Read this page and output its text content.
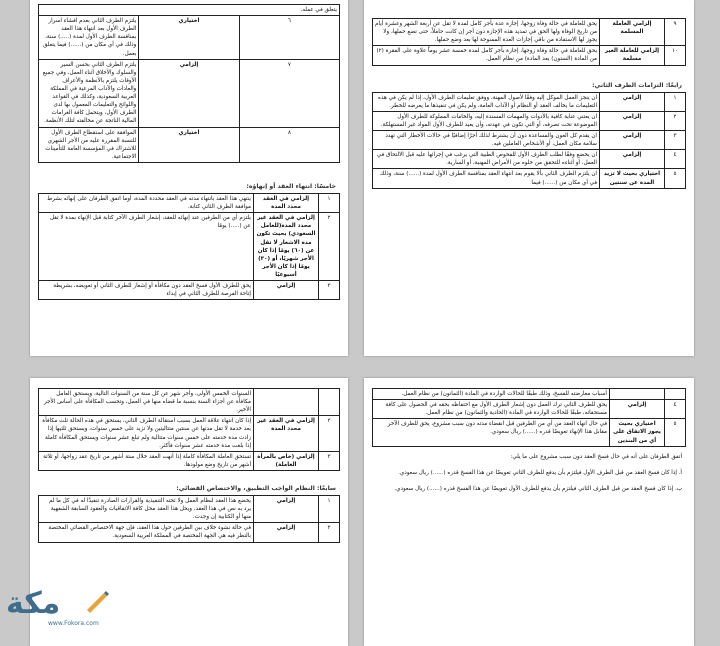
يتعلق في عمله.		
٦	اختياري	يلتزم الطرف الثاني بعدم افشاء اسرار الطرف الأول بعد انتهاء هذا العقد بمنافسة الطرف الأول لمدة (.....) سنة، وذلك في أي مكان من (......) فيما يتعلق بعمل.
٧	إلزامي	يلتزم الطرف الثاني بحسن السير والسلوك والأخلاق أثناء العمل، وفي جميع الأوقات يلتزم بالأنظمة والأعراف والعادات والآداب المرعية في المملكة العربية السعودية، وكذلك في القواعد واللوائح والتعليمات المعمول بها لدى الطرف الأول، ويتحمل كافة الغرامات المالية الناتجة عن مخالفته لتلك الأنظمة.
٨	اختياري	الموافقة على استقطاع الطرف الأول للنسبة المقررة عليه من الأجر الشهري للاشتراك في المؤسسة العامة للتأمينات الاجتماعية.
خامسًا: انتهاء العقد أو إنهاؤه:
١	إلزامي في العقد محدد المدة	ينتهي هذا العقد بانتهاء مدته في العقد محددة المدة، أوما اتفق الطرفان على إنهائه بشرط موافقة الطرف الثاني كتابة.
٢	إلزامي في العقد غير محدد المدة(للعامل السعودي) بحيث تكون مدة الاشعار لا تقل عن (٦٠) يومًا إذا كان الأجر شهريًا، أو (٣٠) يومًا إذا كان الأجر أسبوعيًا	يلتزم أي من الطرفين عند إنهائه للعقد، إشعار الطرف الآخر كتابة قبل الإنهاء بمدة لا تقل عن (.....) يومًا
٣	إلزامي	يحق للطرف الأول فسخ العقد دون مكافأة أو إشعار للطرف الثاني أو تعويضه، بشريطة إتاحة الفرصة للطرف الثاني في إبداء
٩	إلزامي العاملة المسلمة	يحق للعاملة في حالة وفاة زوجها، إجازة عدة بأجر كامل لمدة لا تقل عن أربعة الشهر وعشرة أيام من تاريخ الوفاة ولها الحق في تمديد هذه الإجازة دون أجر إن كانت حاملاً، حتى تضع حملها، ولا يجوز لها الاستفادة من باقي إجازات العدة الممنوحة لها بعد وضع حملها.
١٠	إلزامي للعاملة الغير مسلمة	يحق للعاملة في حالة وفاة زوجها، إجازة بأجر كامل لمدة خمسة عشر يوماً علاوة على الفقرة (٢) من المادة (الستون) يعد المادة) من نظام العمل.
رابعًا: التزامات الطرف الثاني:
١	إلزامي	ان ينجز العمل الموكل إليه وفقًا لأصول المهنة، ووفق تعليمات الطرف الأول، إذا لم يكن في هذه التعليمات ما يخالف العقد أو النظام أو الآداب العامة، ولم يكن في تنفيذها ما يعرضه للخطر.
٢	إلزامي	ان يعتني عناية كافية بالأدوات والمهمات المسندة إليه، والخامات المملوكة للطرف الأول الموضوعة تحت تصرفه، أو التي تكون في عهدته، وأن يعيد للطرف الأول المواد غير المستهلكة.
٣	إلزامي	ان يقدم كل العون والمساعدة دون أن يشترط لذلك أجرًا إضافيًا في حالات الأخطار التي تهدد سلامة مكان العمل، أو الأشخاص العاملين فيه.
٤	إلزامي	ان يخضع وفقًا لطلب الطرف الأول للفحوص الطبية التي يرغب في إجرائها عليه قبل الالتحاق في العمل، أو أثناءه للتحقق من خلوه من الأمراض المهنية، أو السارية.
٥	اختياري بحيث لا تزيد المدة عن سنتين	ان يلتزم الطرف الثاني بألا يقوم بعد انتهاء العقد بمنافسة الطرف الأول لمدة (......) سنة، وذلك في أي مكان من (......) فيما
		السنوات الخمس الأولى، وأجر شهر عن كل سنة من السنوات التالية، ويستحق العامل مكافأة عن أجزاء السنة بنسبة ما قضاه منها في العمل، وتحسب المكافأة على أساس الأجر الأخير.
٢	إلزامي في العقد غير محدد المدة	إذا كان انتهاء علاقة العمل بسبب استقالة الطرف الثاني، يستحق في هذه الحالة ثلث مكافأة بعد خدمة لا تقل مدتها عن سنتين متتاليتين ولا تزيد على خمس سنوات، ويستحق ثلثيها إذا زادت مدة خدمته على خمس سنوات متتالية ولم تبلغ عشر سنوات ويستحق المكافأة كاملة إذا بلغت مدة خدمته عشر سنوات فأكثر.
٣	إلزامي (خاص بالمرأة العاملة)	تستحق العاملة المكافأة كاملة إذا أنهت العقد خلال ستة أشهر من تاريخ عقد زواجها، أو ثلاثة أشهر من تاريخ وضع مولودها.
سابعًا: النظام الواجب التطبيق، والاختصاص القضائي:
١	إلزامي	يخضع هذا العقد لنظام العمل ولا ئحته التنفيذية والقرارات الصادرة تنفيذًا له في كل ما لم يرد به نص في هذا العقد، ويحل هذا العقد محل كافة الاتفاقيات والعقود السابقة الشفهية منها أو الكتابية إن وجدت.
٢	إلزامي	في حالة نشوء خلاف بين الطرفين حول هذا العقد، فإن جهة الاختصاص القضائي المختصة بالنظر فيه هي الجهة المختصة في المملكة العربية السعودية.
		أسباب معارضته للفسخ، وذلك طبقًا للحالات الواردة في المادة (الثمانون) من نظام العمل.
٤	إلزامي	يحق للطرف الثاني ترك العمل دون إشعار الطرف الأول مع احتفاظه بحقه في الحصول على كافة مستحقاته، طبقًا للحالات الواردة في المادة (الحادية والثمانون) من نظام العمل.
٥	اختياري بحيث يجوز الاتفاق على أي من البندين	في حال انهاء العقد من أي من الطرفين قبل انقضاء مدته دون سبب مشروع، يحق للطرف الآخر مقابل هذا الإنهاء تعويضًا قدره (......) ريال سعودي.
أتفق الطرفان على أنه في حال فسخ العقد دون سبب مشروع على ما يلي:
أ. إذا كان فسخ العقد من قبل الطرف الأول فيلتزم بأن يدفع للطرف الثاني تعويضًا عن هذا الفسخ قدره (......) ريال سعودي.
ب. إذا كان فسخ العقد من قبل الطرف الثاني فيلتزم بأن يدفع للطرف الأول تعويضًا عن هذا الفسخ قدره (......) ريال سعودي.
مكة
www.Fokora.com
